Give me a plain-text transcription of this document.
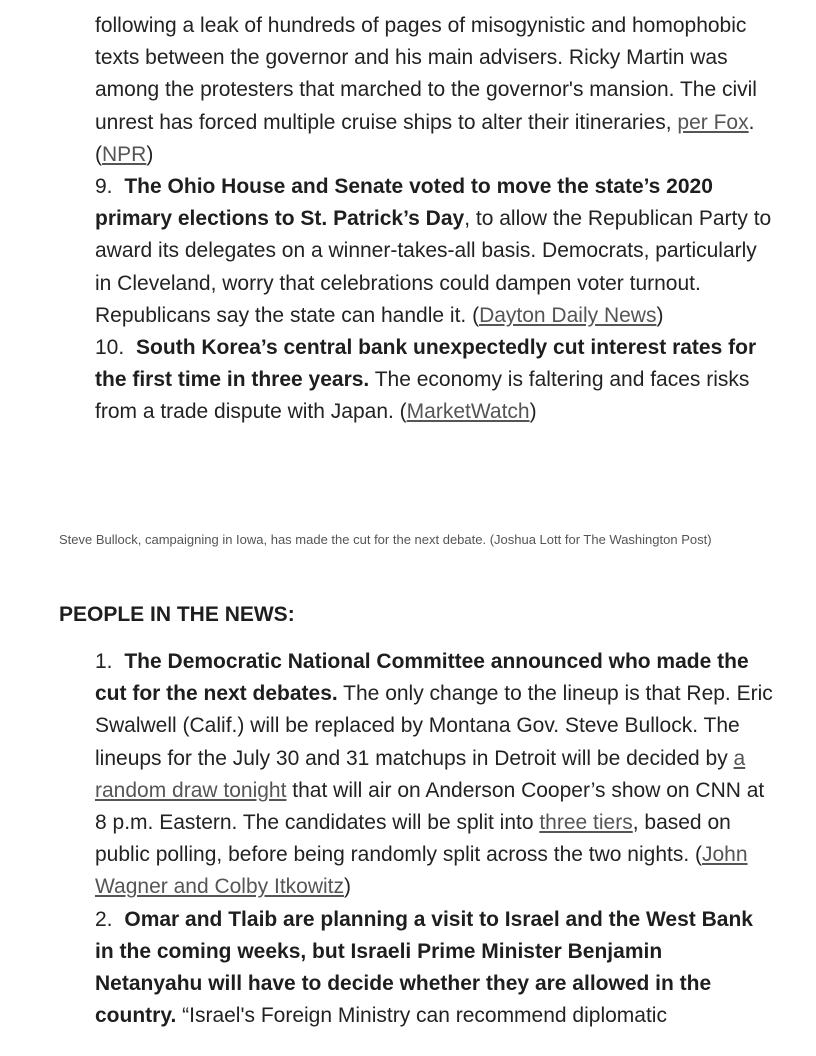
following a leak of hundreds of pages of misogynistic and homophobic texts between the governor and his main advisers. Ricky Martin was among the protesters that marched to the governor's mansion. The civil unrest has forced multiple cruise ships to alter their itineraries, per Fox. (NPR)

9. The Ohio House and Senate voted to move the state’s 2020 primary elections to St. Patrick’s Day, to allow the Republican Party to award its delegates on a winner-takes-all basis. Democrats, particularly in Cleveland, worry that celebrations could dampen voter turnout. Republicans say the state can handle it. (Dayton Daily News)

10. South Korea’s central bank unexpectedly cut interest rates for the first time in three years. The economy is faltering and faces risks from a trade dispute with Japan. (MarketWatch)

Steve Bullock, campaigning in Iowa, has made the cut for the next debate. (Joshua Lott for The Washington Post)
PEOPLE IN THE NEWS:

1. The Democratic National Committee announced who made the cut for the next debates. The only change to the lineup is that Rep. Eric Swalwell (Calif.) will be replaced by Montana Gov. Steve Bullock. The lineups for the July 30 and 31 matchups in Detroit will be decided by a random draw tonight that will air on Anderson Cooper’s show on CNN at 8 p.m. Eastern. The candidates will be split into three tiers, based on public polling, before being randomly split across the two nights. (John Wagner and Colby Itkowitz)

2. Omar and Tlaib are planning a visit to Israel and the West Bank in the coming weeks, but Israeli Prime Minister Benjamin Netanyahu will have to decide whether they are allowed in the country. “Israel's Foreign Ministry can recommend diplomatic
